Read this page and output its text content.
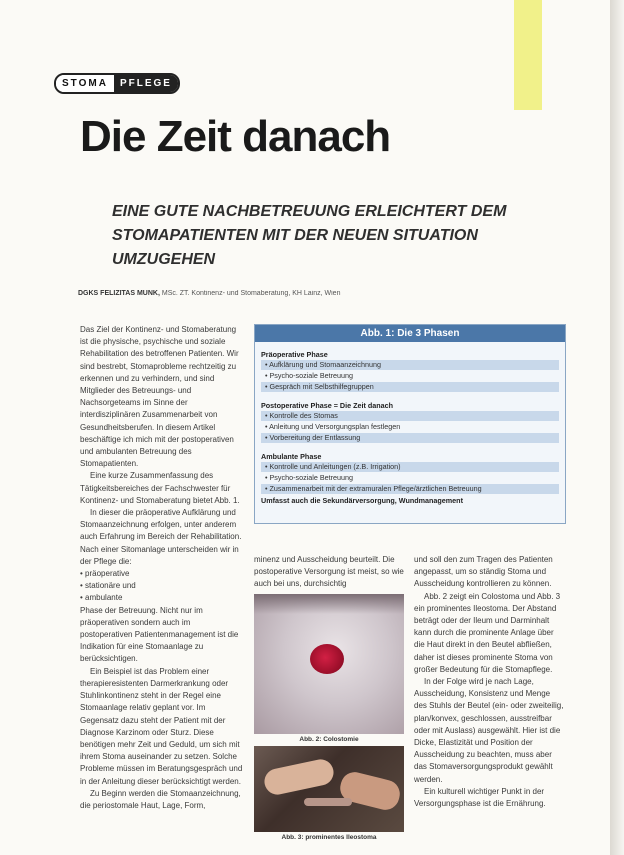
STOMA	PFLEGE
Die Zeit danach
EINE GUTE NACHBETREUUNG ERLEICHTERT DEM STOMAPATIENTEN MIT DER NEUEN SITUATION UMZUGEHEN
DGKS FELIZITAS MUNK, MSc. ZT. Kontinenz- und Stomaberatung, KH Lainz, Wien

Das Ziel der Kontinenz- und Stomaberatung ist die physische, psychische und soziale Rehabilitation des betroffenen Patienten. Wir sind bestrebt, Stomaprobleme rechtzeitig zu erkennen und zu verhindern, und sind Mitglieder des Betreuungs- und Nachsorgeteams im Sinne der interdisziplinären Zusammenarbeit von Gesundheitsberufen. In diesem Artikel beschäftige ich mich mit der postoperativen und ambulanten Betreuung des Stomapatienten.

Eine kurze Zusammenfassung des Tätigkeitsbereiches der Fachschwester für Kontinenz- und Stomaberatung bietet Abb. 1.

In dieser die präoperative Aufklärung und Stomaanzeichnung erfolgen, unter anderem auch Erfahrung im Bereich der Rehabilitation. Nach einer Sitomanlage unterscheiden wir in der Pflege die:

• präoperative
• stationäre und
• ambulante

Phase der Betreuung. Nicht nur im präoperativen sondern auch im postoperativen Patientenmanagement ist die Indikation für eine Stomaanlage zu berücksichtigen.

Ein Beispiel ist das Problem einer therapieresistenten Darmerkrankung oder Stuhlinkontinenz steht in der Regel eine Stomaanlage relativ geplant vor. Im Gegensatz dazu steht der Patient mit der Diagnose Karzinom oder Sturz. Diese benötigen mehr Zeit und Geduld, um sich mit ihrem Stoma auseinander zu setzen. Solche Probleme müssen im Beratungsgespräch und in der Anleitung dieser berücksichtigt werden.

Zu Beginn werden die Stomaanzeichnung, die periostomale Haut, Lage, Form,

Abb. 1: Die 3 Phasen
Präoperative Phase
• Aufklärung und Stomaanzeichnung
• Psycho-soziale Betreuung
• Gespräch mit Selbsthilfegruppen
Postoperative Phase = Die Zeit danach
• Kontrolle des Stomas
• Anleitung und Versorgungsplan festlegen
• Vorbereitung der Entlassung
Ambulante Phase
• Kontrolle und Anleitungen (z.B. Irrigation)
• Psycho-soziale Betreuung
• Zusammenarbeit mit der extramuralen Pflege/ärztlichen Betreuung
Umfasst auch die Sekundärversorgung, Wundmanagement

minenz und Ausscheidung beurteilt. Die postoperative Versorgung ist meist, so wie auch bei uns, durchsichtig

Abb. 2: Colostomie
Abb. 3: prominentes Ileostoma

und soll den zum Tragen des Patienten angepasst, um so ständig Stoma und Ausscheidung kontrollieren zu können.

Abb. 2 zeigt ein Colostoma und Abb. 3 ein prominentes Ileostoma. Der Abstand beträgt oder der Ileum und Darminhalt kann durch die prominente Anlage über die Haut direkt in den Beutel abfließen, daher ist dieses prominente Stoma von großer Bedeutung für die Stomapflege.

In der Folge wird je nach Lage, Ausscheidung, Konsistenz und Menge des Stuhls der Beutel (ein- oder zweiteilig, plan/konvex, geschlossen, ausstreifbar oder mit Auslass) ausgewählt. Hier ist die Dicke, Elastizität und Position der Ausscheidung zu beachten, muss aber das Stomaversorgungsprodukt gewählt werden.

Ein kulturell wichtiger Punkt in der Versorgungsphase ist die Ernährung.
